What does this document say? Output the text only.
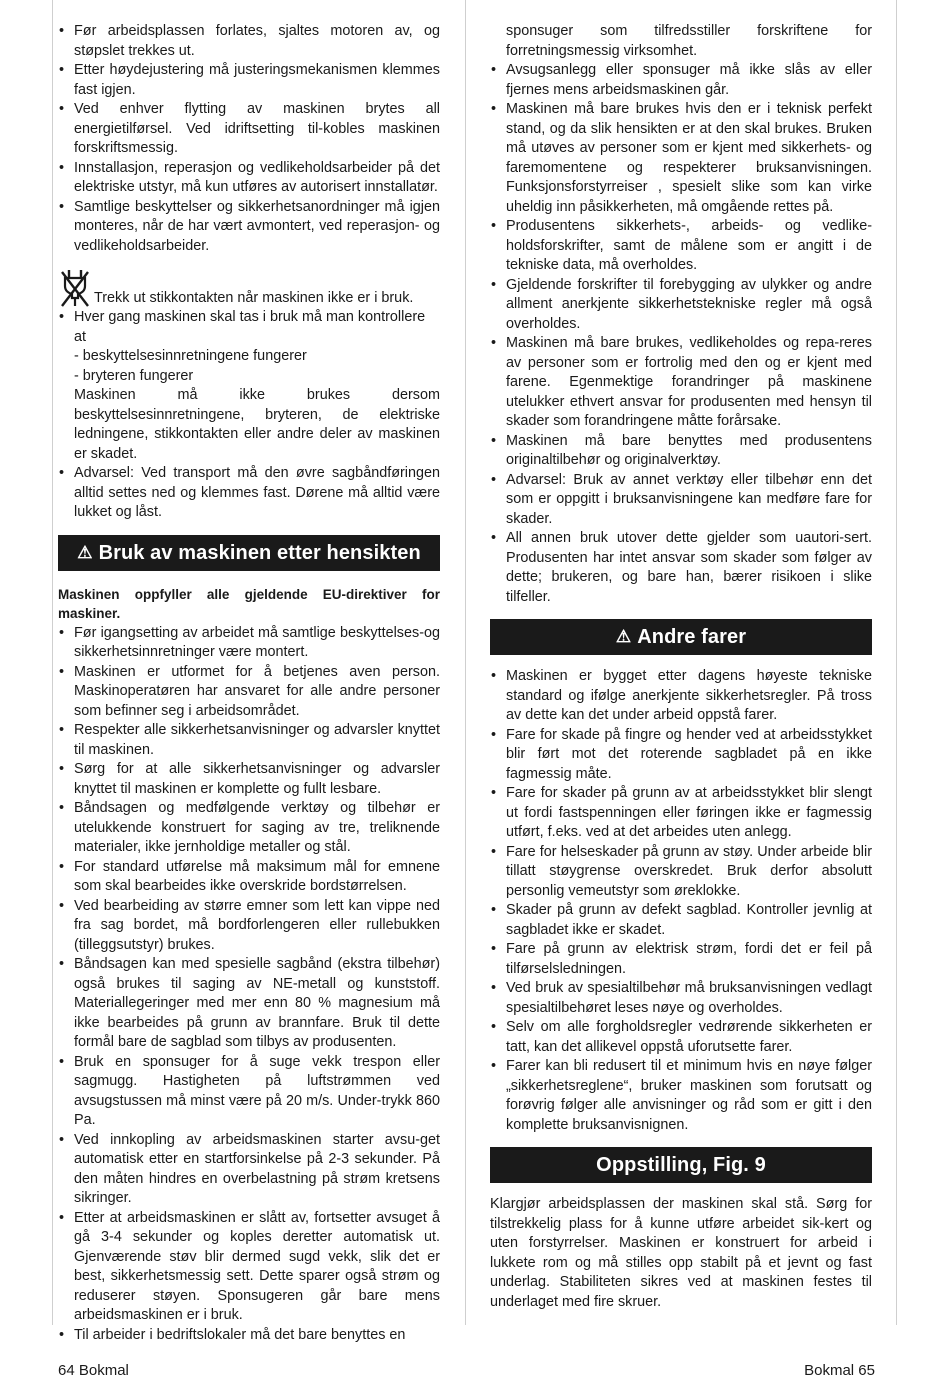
• Før arbeidsplassen forlates, sjaltes motoren av, og støpslet trekkes ut.
• Etter høydejustering må justeringsmekanismen klemmes fast igjen.
• Ved enhver flytting av maskinen brytes all energietilførsel. Ved idriftsetting til-kobles maskinen forskriftsmessig.
• Innstallasjon, reperasjon og vedlikeholdsarbeider på det elektriske utstyr, må kun utføres av autorisert innstallatør.
• Samtlige beskyttelser og sikkerhetsanordninger må igjen monteres, når de har vært avmontert, ved reperasjon- og vedlikeholdsarbeider.
Trekk ut stikkontakten når maskinen ikke er i bruk.
• Hver gang maskinen skal tas i bruk må man kontrollere at
- beskyttelsesinnretningene fungerer
- bryteren fungerer
Maskinen må ikke brukes dersom beskyttelsesinnretningene, bryteren, de elektriske ledningene, stikkontakten eller andre deler av maskinen er skadet.
• Advarsel: Ved transport må den øvre sagbåndføringen alltid settes ned og klemmes fast. Dørene må alltid være lukket og låst.
⚠ Bruk av maskinen etter hensikten

Maskinen oppfyller alle gjeldende EU-direktiver for maskiner.

• Før igangsetting av arbeidet må samtlige beskyttelses-og sikkerhetsinnretninger være montert.
• Maskinen er utformet for å betjenes aven person. Maskinoperatøren har ansvaret for alle andre personer som befinner seg i arbeidsområdet.
• Respekter alle sikkerhetsanvisninger og advarsler knyttet til maskinen.
• Sørg for at alle sikkerhetsanvisninger og advarsler knyttet til maskinen er komplette og fullt lesbare.
• Båndsagen og medfølgende verktøy og tilbehør er utelukkende konstruert for saging av tre, treliknende materialer, ikke jernholdige metaller og stål.
• For standard utførelse må maksimum mål for emnene som skal bearbeides ikke overskride bordstørrelsen.
• Ved bearbeiding av større emner som lett kan vippe ned fra sag bordet, må bordforlengeren eller rullebukken (tilleggsutstyr) brukes.
• Båndsagen kan med spesielle sagbånd (ekstra tilbehør) også brukes til saging av NE-metall og kunststoff. Materiallegeringer med mer enn 80 % magnesium må ikke bearbeides på grunn av brannfare. Bruk til dette formål bare de sagblad som tilbys av produsenten.
• Bruk en sponsuger for å suge vekk trespon eller sagmugg. Hastigheten på luftstrømmen ved avsugstussen må minst være på 20 m/s. Under-trykk 860 Pa.
• Ved innkopling av arbeidsmaskinen starter avsu-get automatisk etter en startforsinkelse på 2-3 sekunder. På den måten hindres en overbelastning på strøm kretsens sikringer.
• Etter at arbeidsmaskinen er slått av, fortsetter avsuget å gå 3-4 sekunder og koples deretter automatisk ut. Gjenværende støv blir dermed sugd vekk, slik det er best, sikkerhetsmessig sett. Dette sparer også strøm og reduserer støyen. Sponsugeren går bare mens arbeidsmaskinen er i bruk.
• Til arbeider i bedriftslokaler må det bare benyttes en
sponsuger som tilfredsstiller forskriftene for forretningsmessig virksomhet.
• Avsugsanlegg eller sponsuger må ikke slås av eller fjernes mens arbeidsmaskinen går.
• Maskinen må bare brukes hvis den er i teknisk perfekt stand, og da slik hensikten er at den skal brukes. Bruken må utøves av personer som er kjent med sikkerhets- og faremomentene og respekterer bruksanvisningen. Funksjonsforstyrreiser , spesielt slike som kan virke uheldig inn påsikkerheten, må omgående rettes på.
• Produsentens sikkerhets-, arbeids- og vedlike-holdsforskrifter, samt de målene som er angitt i de tekniske data, må overholdes.
• Gjeldende forskrifter til forebygging av ulykker og andre allment anerkjente sikkerhetstekniske regler må også overholdes.
• Maskinen må bare brukes, vedlikeholdes og repa-reres av personer som er fortrolig med den og er kjent med farene. Egenmektige forandringer på maskinene utelukker ethvert ansvar for produsenten med hensyn til skader som forandringene måtte forårsake.
• Maskinen må bare benyttes med produsentens originaltilbehør og originalverktøy.
• Advarsel: Bruk av annet verktøy eller tilbehør enn det som er oppgitt i bruksanvisningene kan medføre fare for skader.
• All annen bruk utover dette gjelder som uautori-sert. Produsenten har intet ansvar som skader som følger av dette; brukeren, og bare han, bærer risikoen i slike tilfeller.
⚠ Andre farer
• Maskinen er bygget etter dagens høyeste tekniske standard og ifølge anerkjente sikkerhetsregler. På tross av dette kan det under arbeid oppstå farer.
• Fare for skade på fingre og hender ved at arbeidsstykket blir ført mot det roterende sagbladet på en ikke fagmessig måte.
• Fare for skader på grunn av at arbeidsstykket blir slengt ut fordi fastspenningen eller føringen ikke er fagmessig utført, f.eks. ved at det arbeides uten anlegg.
• Fare for helseskader på grunn av støy. Under arbeide blir tillatt støygrense overskredet. Bruk derfor absolutt personlig vemeutstyr som øreklokke.
• Skader på grunn av defekt sagblad. Kontroller jevnlig at sagbladet ikke er skadet.
• Fare på grunn av elektrisk strøm, fordi det er feil på tilførselsledningen.
• Ved bruk av spesialtilbehør må bruksanvisningen vedlagt spesialtilbehøret leses nøye og overholdes.
• Selv om alle forgholdsregler vedrørende sikkerheten er tatt, kan det allikevel oppstå uforutsette farer.
• Farer kan bli redusert til et minimum hvis en nøye følger „sikkerhetsreglene“, bruker maskinen som forutsatt og forøvrig følger alle anvisninger og råd som er gitt i den komplette bruksanvisnignen.
Oppstilling, Fig. 9

Klargjør arbeidsplassen der maskinen skal stå. Sørg for tilstrekkelig plass for å kunne utføre arbeidet sik-kert og uten forstyrrelser. Maskinen er konstruert for arbeid i lukkete rom og må stilles opp stabilt på et jevnt og fast underlag. Stabiliteten sikres ved at maskinen festes til underlaget med fire skruer.

64 Bokmal	Bokmal 65
